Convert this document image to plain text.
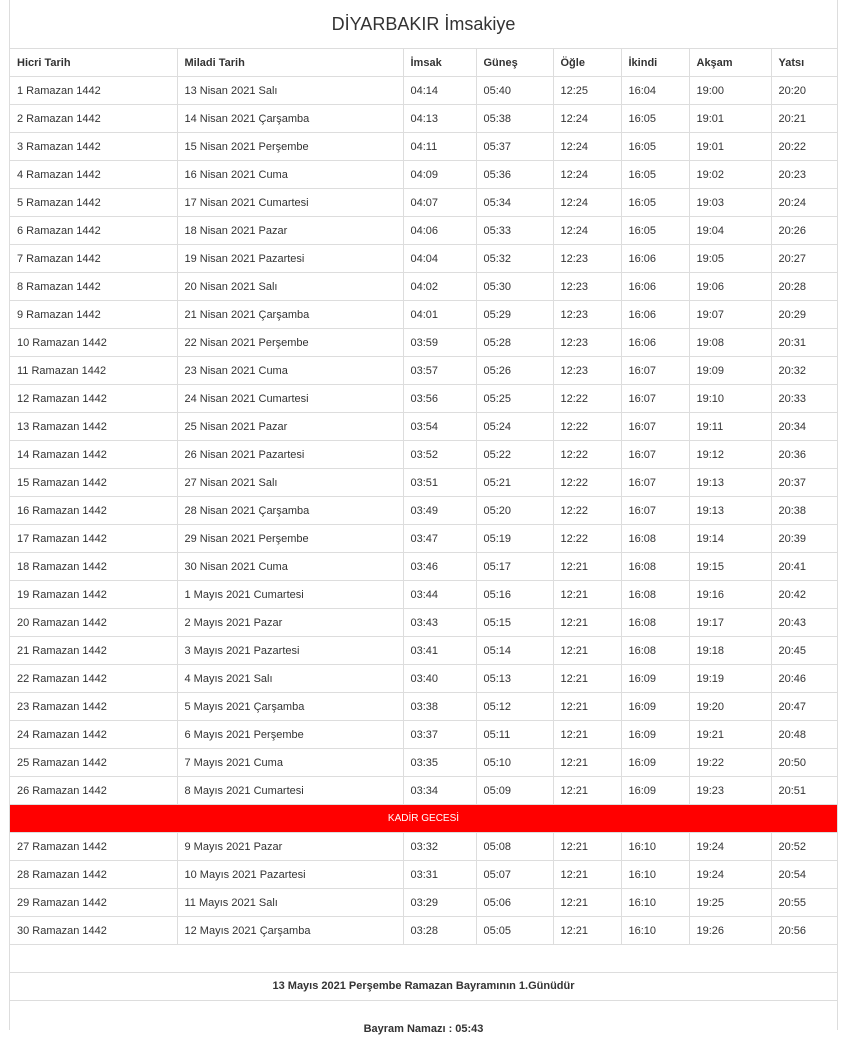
DİYARBAKIR İmsakiye
Hicri Tarih	Miladi Tarih	İmsak	Güneş	Öğle	İkindi	Akşam	Yatsı
1 Ramazan 1442	13 Nisan 2021 Salı	04:14	05:40	12:25	16:04	19:00	20:20
2 Ramazan 1442	14 Nisan 2021 Çarşamba	04:13	05:38	12:24	16:05	19:01	20:21
3 Ramazan 1442	15 Nisan 2021 Perşembe	04:11	05:37	12:24	16:05	19:01	20:22
4 Ramazan 1442	16 Nisan 2021 Cuma	04:09	05:36	12:24	16:05	19:02	20:23
5 Ramazan 1442	17 Nisan 2021 Cumartesi	04:07	05:34	12:24	16:05	19:03	20:24
6 Ramazan 1442	18 Nisan 2021 Pazar	04:06	05:33	12:24	16:05	19:04	20:26
7 Ramazan 1442	19 Nisan 2021 Pazartesi	04:04	05:32	12:23	16:06	19:05	20:27
8 Ramazan 1442	20 Nisan 2021 Salı	04:02	05:30	12:23	16:06	19:06	20:28
9 Ramazan 1442	21 Nisan 2021 Çarşamba	04:01	05:29	12:23	16:06	19:07	20:29
10 Ramazan 1442	22 Nisan 2021 Perşembe	03:59	05:28	12:23	16:06	19:08	20:31
11 Ramazan 1442	23 Nisan 2021 Cuma	03:57	05:26	12:23	16:07	19:09	20:32
12 Ramazan 1442	24 Nisan 2021 Cumartesi	03:56	05:25	12:22	16:07	19:10	20:33
13 Ramazan 1442	25 Nisan 2021 Pazar	03:54	05:24	12:22	16:07	19:11	20:34
14 Ramazan 1442	26 Nisan 2021 Pazartesi	03:52	05:22	12:22	16:07	19:12	20:36
15 Ramazan 1442	27 Nisan 2021 Salı	03:51	05:21	12:22	16:07	19:13	20:37
16 Ramazan 1442	28 Nisan 2021 Çarşamba	03:49	05:20	12:22	16:07	19:13	20:38
17 Ramazan 1442	29 Nisan 2021 Perşembe	03:47	05:19	12:22	16:08	19:14	20:39
18 Ramazan 1442	30 Nisan 2021 Cuma	03:46	05:17	12:21	16:08	19:15	20:41
19 Ramazan 1442	1 Mayıs 2021 Cumartesi	03:44	05:16	12:21	16:08	19:16	20:42
20 Ramazan 1442	2 Mayıs 2021 Pazar	03:43	05:15	12:21	16:08	19:17	20:43
21 Ramazan 1442	3 Mayıs 2021 Pazartesi	03:41	05:14	12:21	16:08	19:18	20:45
22 Ramazan 1442	4 Mayıs 2021 Salı	03:40	05:13	12:21	16:09	19:19	20:46
23 Ramazan 1442	5 Mayıs 2021 Çarşamba	03:38	05:12	12:21	16:09	19:20	20:47
24 Ramazan 1442	6 Mayıs 2021 Perşembe	03:37	05:11	12:21	16:09	19:21	20:48
25 Ramazan 1442	7 Mayıs 2021 Cuma	03:35	05:10	12:21	16:09	19:22	20:50
26 Ramazan 1442	8 Mayıs 2021 Cumartesi	03:34	05:09	12:21	16:09	19:23	20:51
KADİR GECESİ							
27 Ramazan 1442	9 Mayıs 2021 Pazar	03:32	05:08	12:21	16:10	19:24	20:52
28 Ramazan 1442	10 Mayıs 2021 Pazartesi	03:31	05:07	12:21	16:10	19:24	20:54
29 Ramazan 1442	11 Mayıs 2021 Salı	03:29	05:06	12:21	16:10	19:25	20:55
30 Ramazan 1442	12 Mayıs 2021 Çarşamba	03:28	05:05	12:21	16:10	19:26	20:56
13 Mayıs 2021 Perşembe Ramazan Bayramının 1.Günüdür
Bayram Namazı : 05:43
